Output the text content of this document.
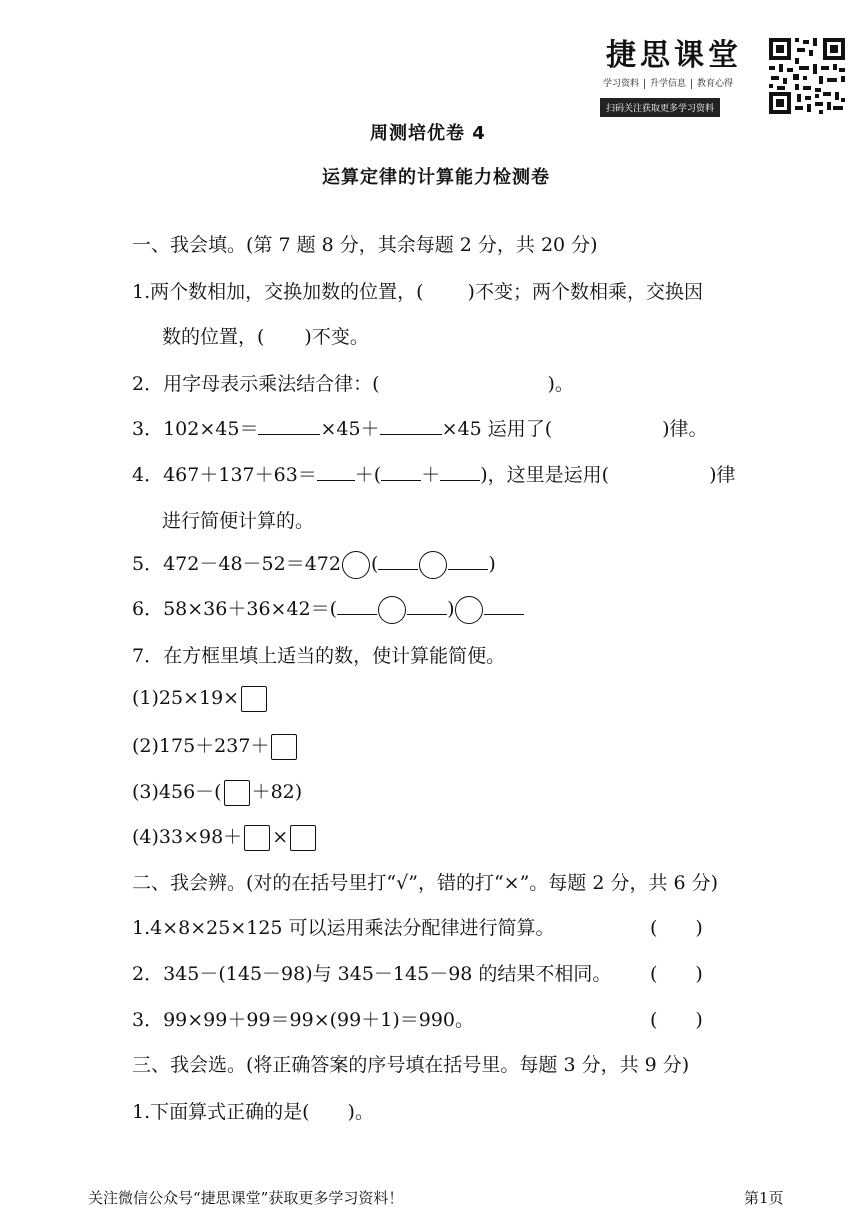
捷思课堂
学习资料 升学信息 教育心得
扫码关注获取更多学习资料
周测培优卷 4
运算定律的计算能力检测卷
一、我会填。(第 7 题 8 分，其余每题 2 分，共 20 分)
1.两个数相加，交换加数的位置，( )不变；两个数相乘，交换因
数的位置，( )不变。
2．用字母表示乘法结合律：(	)。
3．102×45＝	×45＋	×45 运用了(	)律。
4．467＋137＋63＝ ＋( ＋ )，这里是运用(	)律
进行简便计算的。
5．472－48－52＝472 (	)
6．58×36＋36×42＝(	)
7．在方框里填上适当的数，使计算能简便。
(1)25×19×
(2)175＋237＋
(3)456－( ＋82)
(4)33×98＋ ×
二、我会辨。(对的在括号里打“√”，错的打“×”。每题 2 分，共 6 分)
1.4×8×25×125 可以运用乘法分配律进行简算。	(　　)
2．345－(145－98)与 345－145－98 的结果不相同。 (　　)
3．99×99＋99＝99×(99＋1)＝990。	(　　)
三、我会选。(将正确答案的序号填在括号里。每题 3 分，共 9 分)
1.下面算式正确的是(　　)。
关注微信公众号“捷思课堂”获取更多学习资料！	第1页
